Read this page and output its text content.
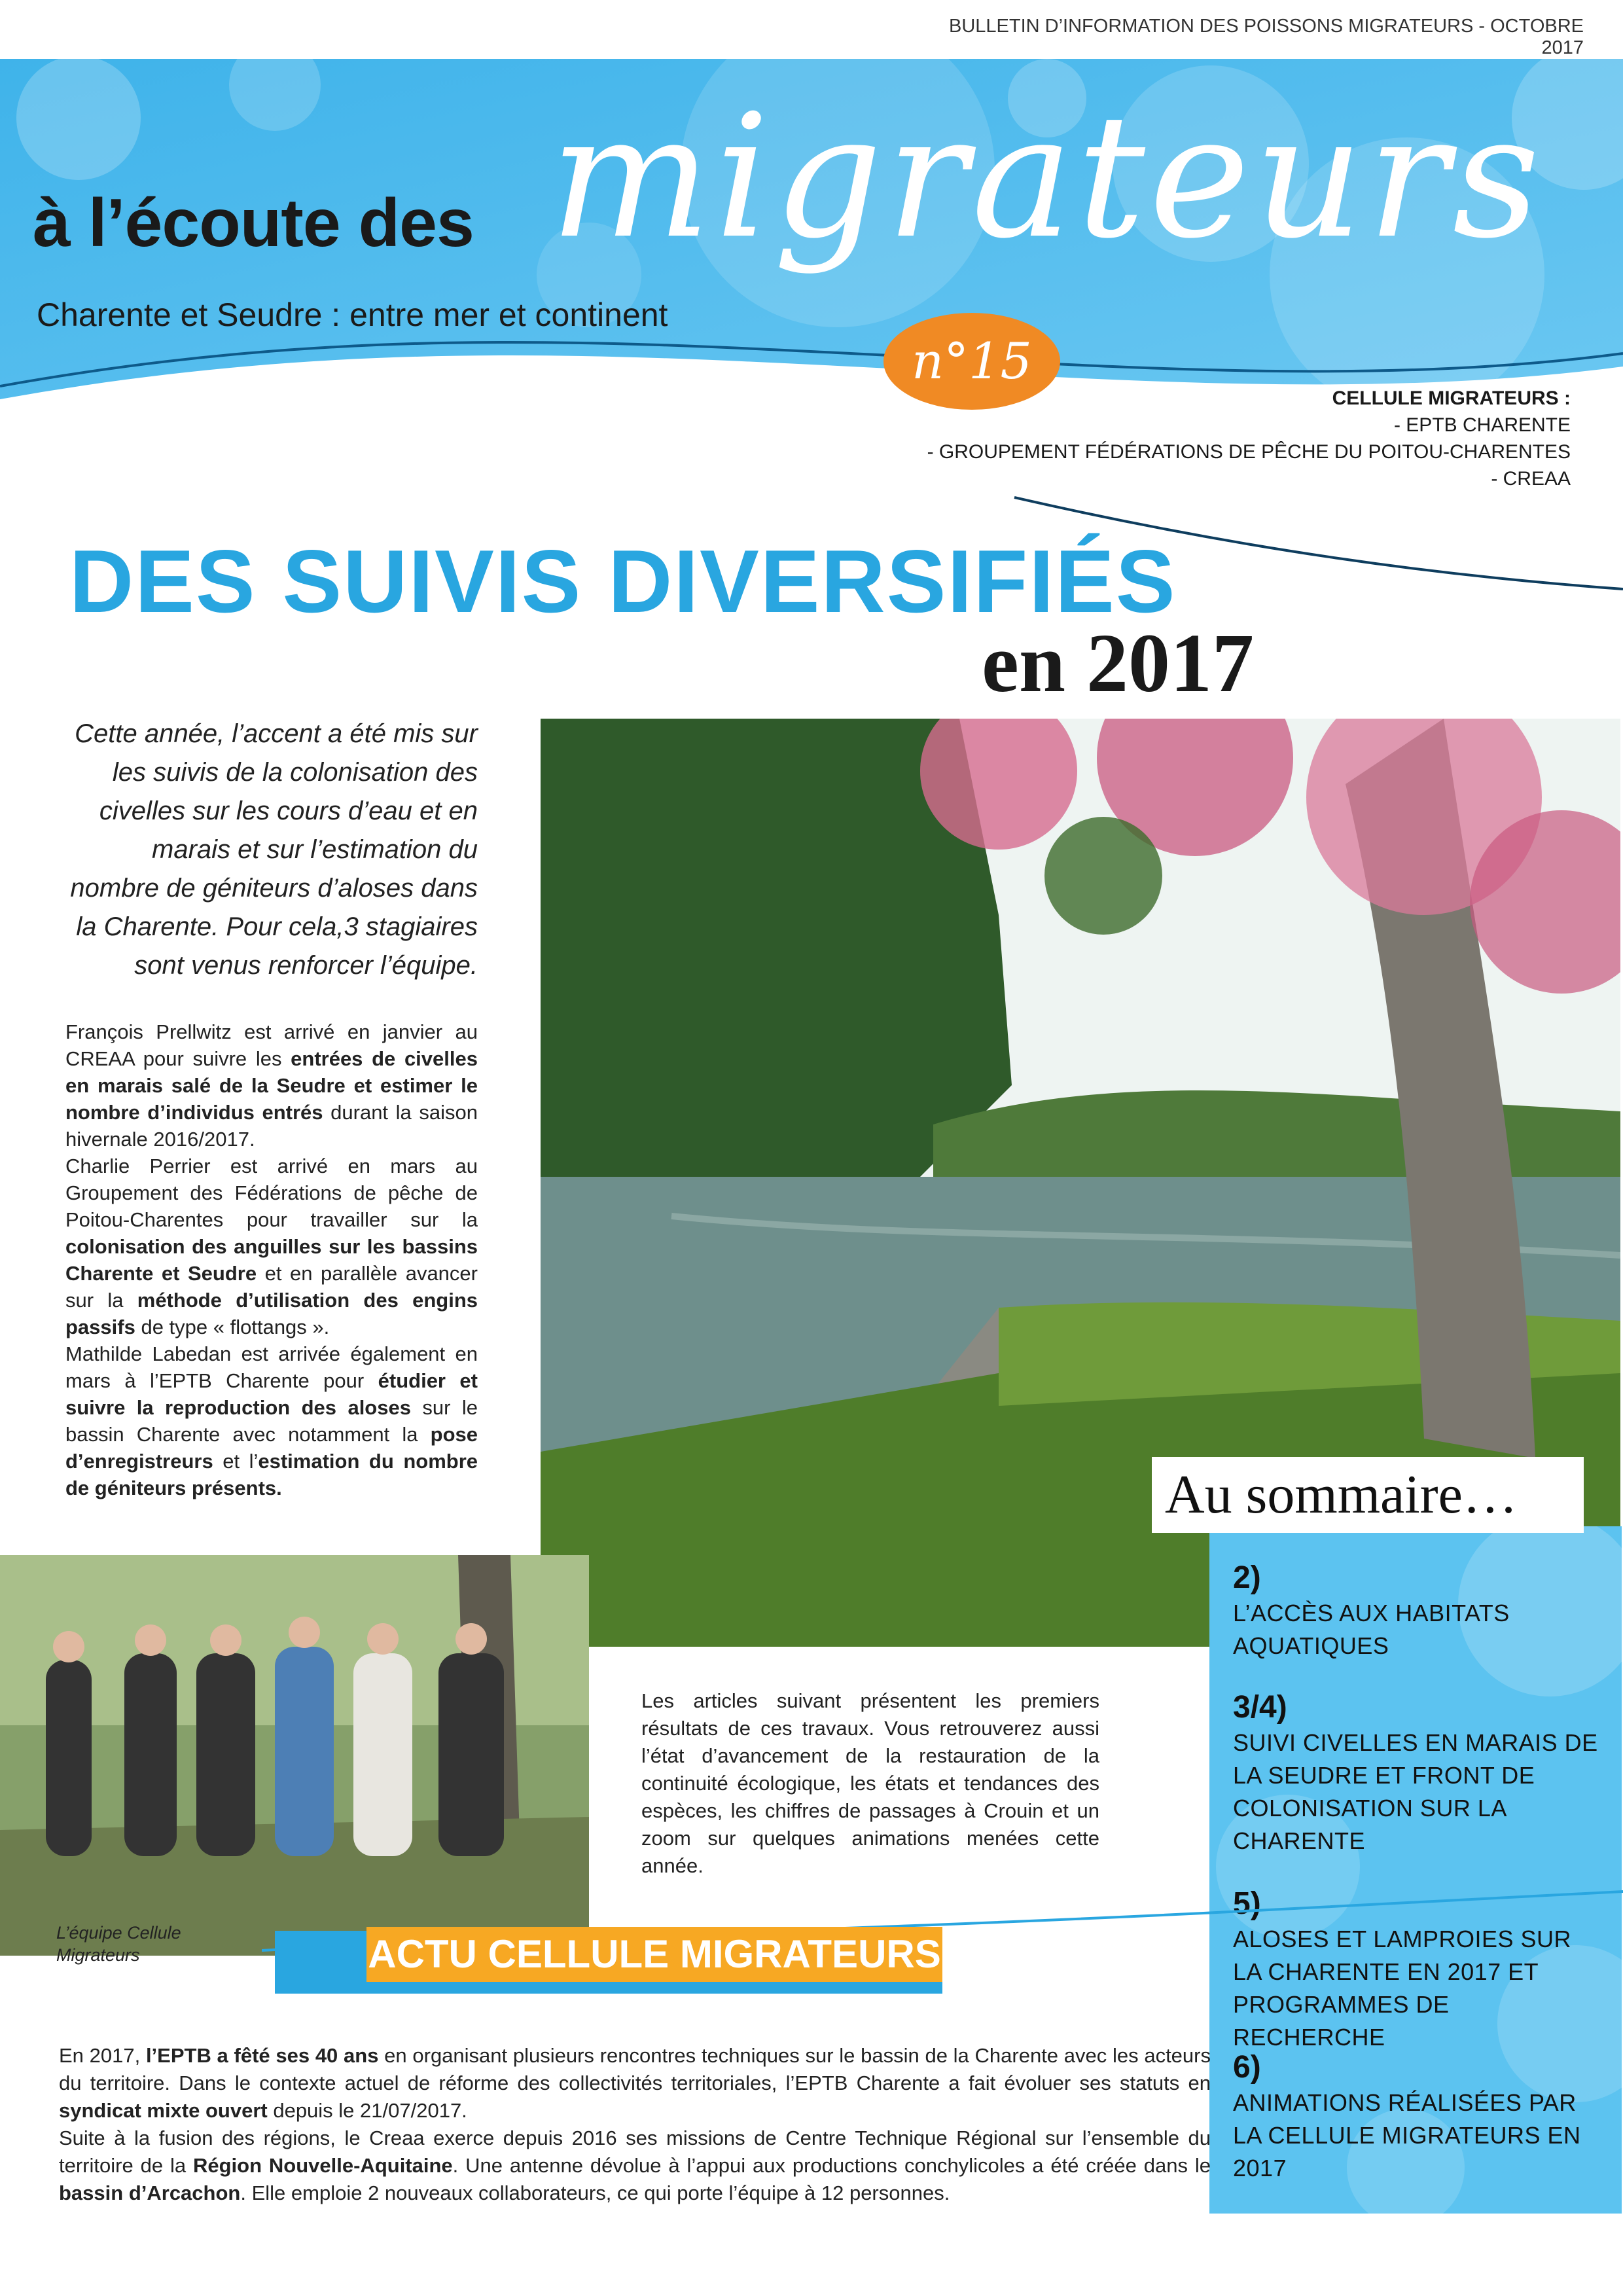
BULLETIN D’INFORMATION DES POISSONS MIGRATEURS - OCTOBRE 2017
à l’écoute des migrateurs
Charente et Seudre : entre mer et continent
n°15
CELLULE MIGRATEURS :
- EPTB CHARENTE
- GROUPEMENT FÉDÉRATIONS DE PÊCHE DU POITOU-CHARENTES
- CREAA
DES SUIVIS DIVERSIFIÉS
en 2017
Cette année, l’accent a été mis sur les suivis de la colonisation des civelles sur les cours d’eau et en marais et sur l’estimation du nombre de géniteurs d’aloses dans la Charente. Pour cela,3 stagiaires sont venus renforcer l’équipe.

François Prellwitz est arrivé en janvier au CREAA pour suivre les entrées de civelles en marais salé de la Seudre et estimer le nombre d’individus entrés durant la saison hivernale 2016/2017.

Charlie Perrier est arrivé en mars au Groupement des Fédérations de pêche de Poitou-Charentes pour travailler sur la colonisation des anguilles sur les bassins Charente et Seudre et en parallèle avancer sur la méthode d’utilisation des engins passifs de type « flottangs ».

Mathilde Labedan est arrivée également en mars à l’EPTB Charente pour étudier et suivre la reproduction des aloses sur le bassin Charente avec notamment la pose d’enregistreurs et l’estimation du nombre de géniteurs présents.

2)
L’ACCÈS AUX HABITATS AQUATIQUES
3/4)
SUIVI CIVELLES EN MARAIS DE LA SEUDRE ET FRONT DE COLONISATION SUR LA CHARENTE
5)
ALOSES ET LAMPROIES SUR LA CHARENTE EN 2017 ET PROGRAMMES DE RECHERCHE
6)
ANIMATIONS RÉALISÉES PAR LA CELLULE MIGRATEURS EN 2017
Au sommaire…
L’équipe Cellule Migrateurs
Les articles suivant présentent les premiers résultats de ces travaux. Vous retrouverez aussi l’état d’avancement de la restauration de la continuité écologique, les états et tendances des espèces, les chiffres de passages à Crouin et un zoom sur quelques animations menées cette année.
ACTU CELLULE MIGRATEURS

En 2017, l’EPTB a fêté ses 40 ans en organisant plusieurs rencontres techniques sur le bassin de la Charente avec les acteurs du territoire. Dans le contexte actuel de réforme des collectivités territoriales, l’EPTB Charente a fait évoluer ses statuts en syndicat mixte ouvert depuis le 21/07/2017.

Suite à la fusion des régions, le Creaa exerce depuis 2016 ses missions de Centre Technique Régional sur l’ensemble du territoire de la Région Nouvelle-Aquitaine. Une antenne dévolue à l’appui aux productions conchylicoles a été créée dans le bassin d’Arcachon. Elle emploie 2 nouveaux collaborateurs, ce qui porte l’équipe à 12 personnes.
